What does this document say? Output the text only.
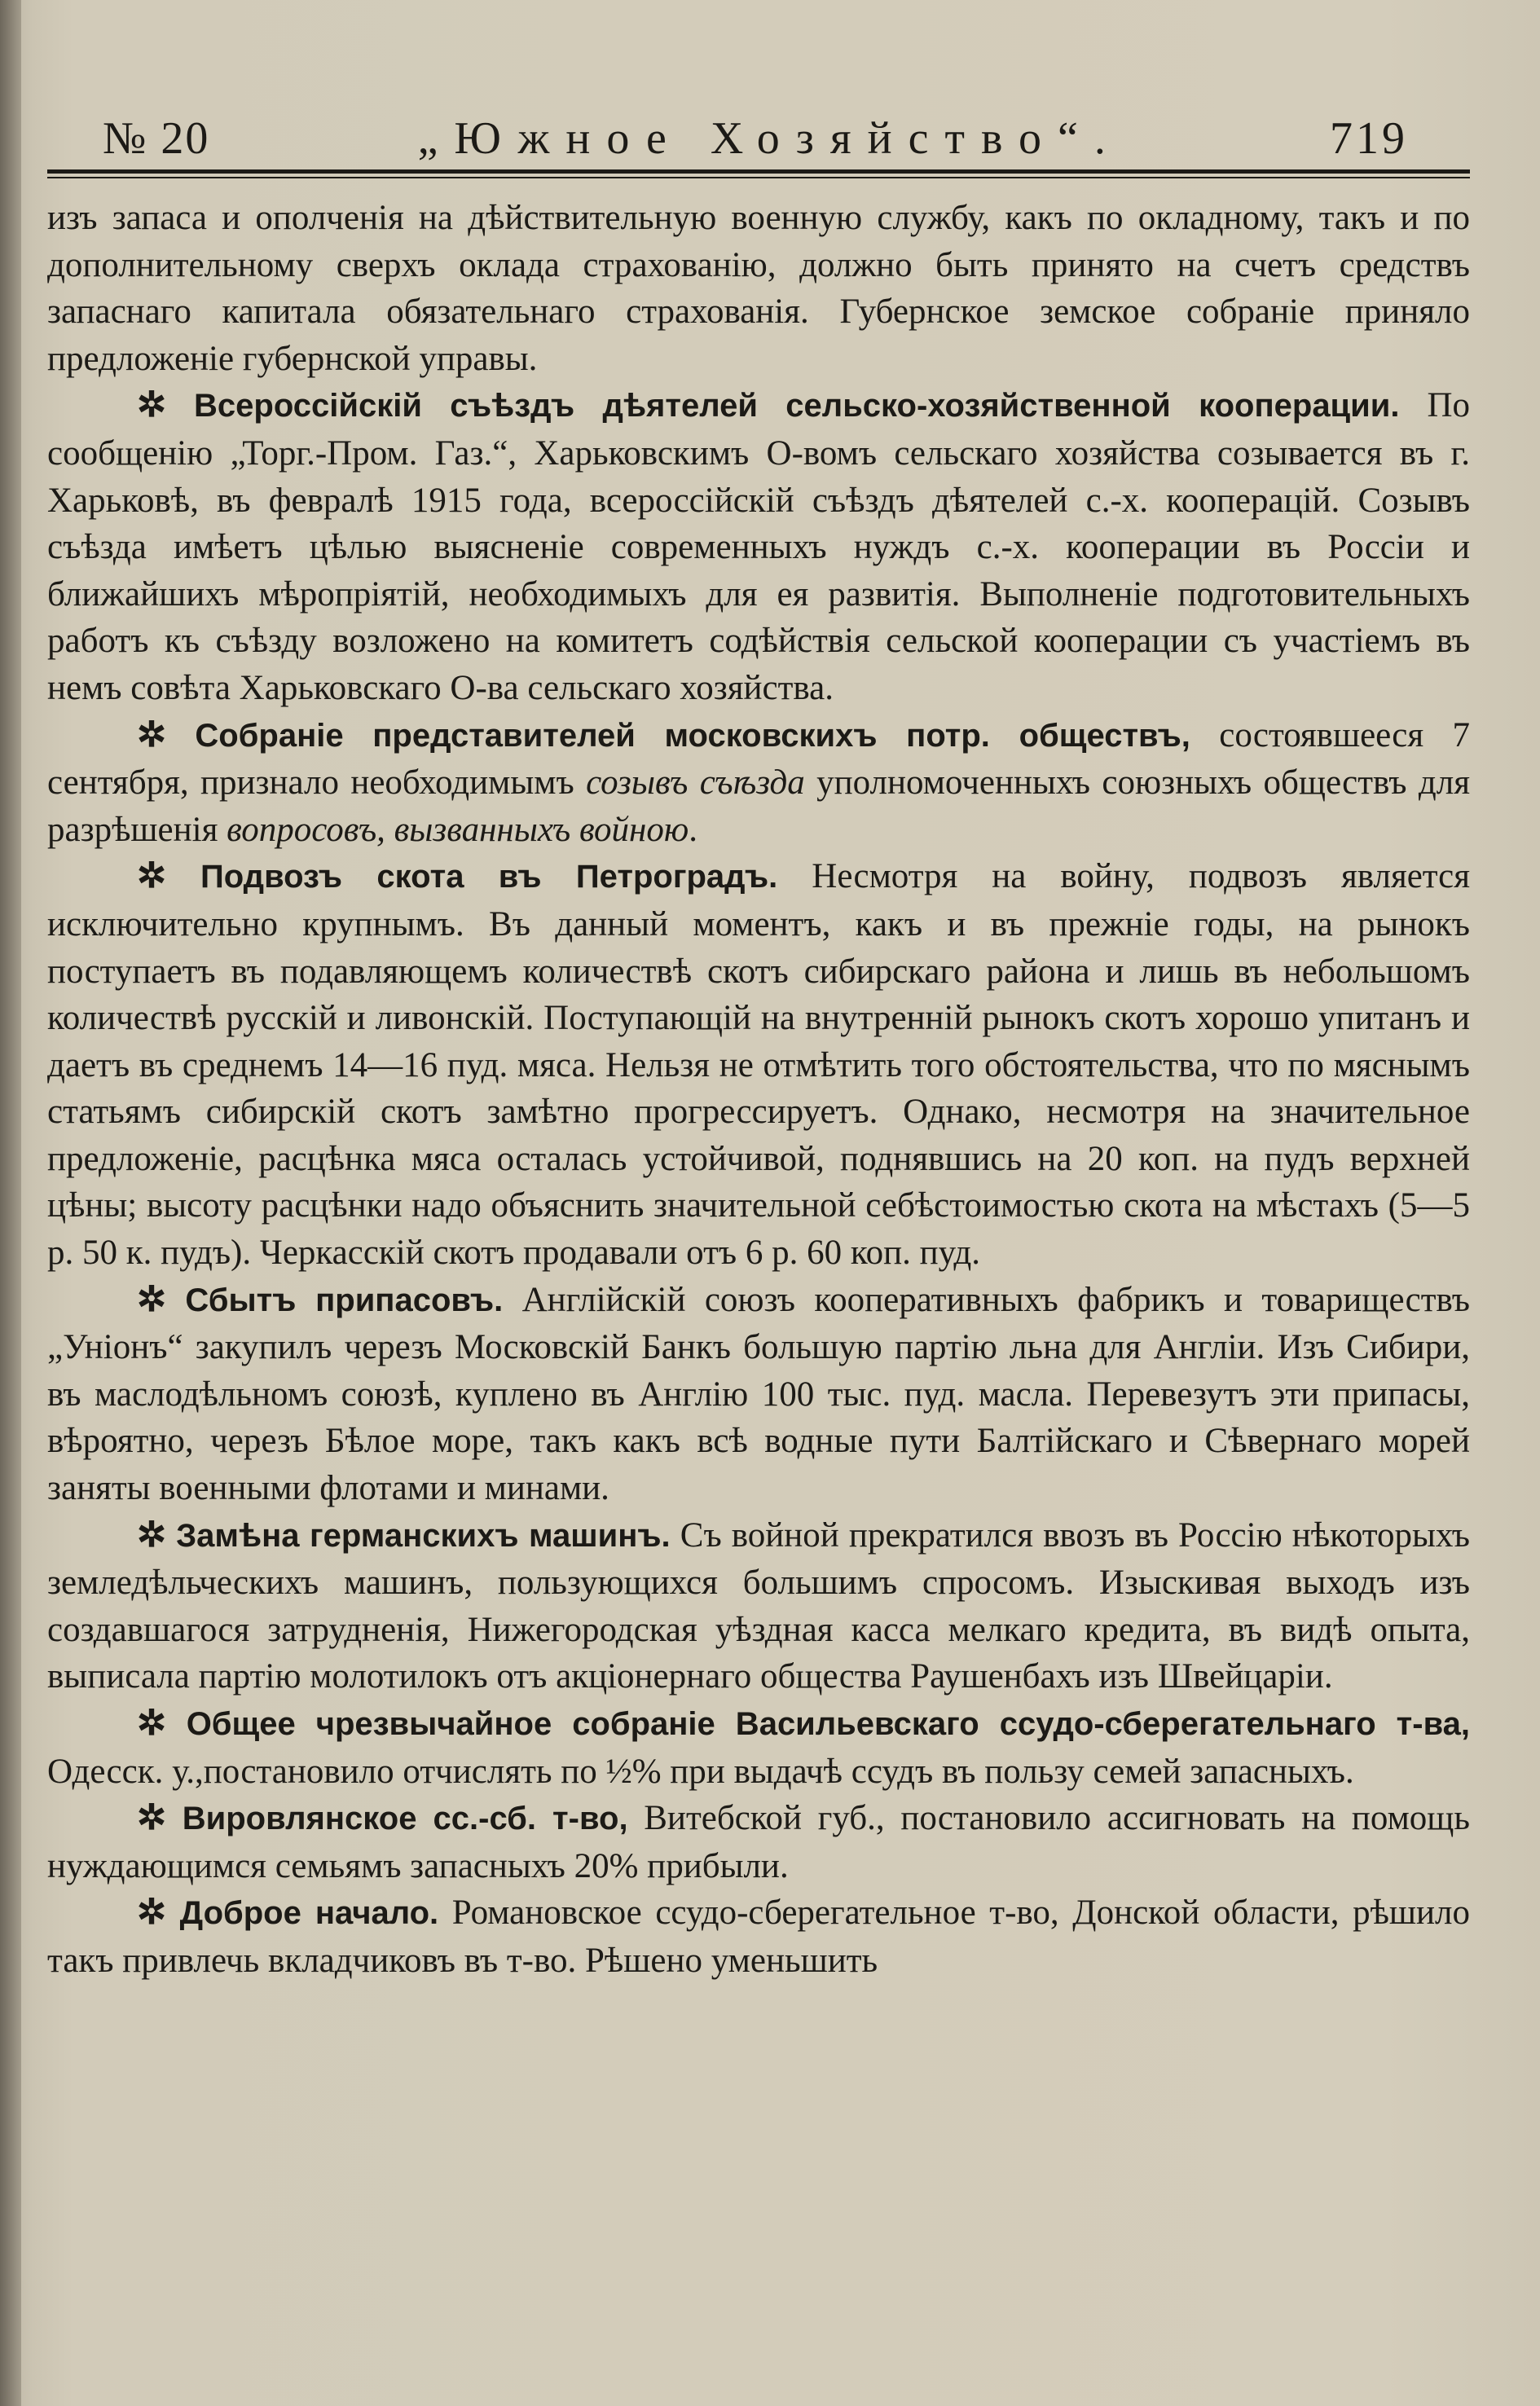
№ 20	„Южное Хозяйство“.	719

изъ запаса и ополченія на дѣйствительную военную службу, какъ по окладному, такъ и по дополнительному сверхъ оклада страхованію, должно быть принято на счетъ средствъ запаснаго капитала обязательнаго страхованія. Губернское земское собраніе приняло предложеніе губернской управы.

✲ Всероссійскій съѣздъ дѣятелей сельско-хозяйственной кооперации. По сообщенію „Торг.-Пром. Газ.“, Харьковскимъ О-вомъ сельскаго хозяйства созывается въ г. Харьковѣ, въ февралѣ 1915 года, всероссійскій съѣздъ дѣятелей с.-х. кооперацій. Созывъ съѣзда имѣетъ цѣлью выясненіе современныхъ нуждъ с.-х. кооперации въ Россіи и ближайшихъ мѣропріятій, необходимыхъ для ея развитія. Выполненіе подготовительныхъ работъ къ съѣзду возложено на комитетъ содѣйствія сельской кооперации съ участіемъ въ немъ совѣта Харьковскаго О-ва сельскаго хозяйства.

✲ Собраніе представителей московскихъ потр. обществъ, состоявшееся 7 сентября, признало необходимымъ созывъ съѣзда уполномоченныхъ союзныхъ обществъ для разрѣшенія вопросовъ, вызванныхъ войною.

✲ Подвозъ скота въ Петроградъ. Несмотря на войну, подвозъ является исключительно крупнымъ. Въ данный моментъ, какъ и въ прежніе годы, на рынокъ поступаетъ въ подавляющемъ количествѣ скотъ сибирскаго района и лишь въ небольшомъ количествѣ русскій и ливонскій. Поступающій на внутренній рынокъ скотъ хорошо упитанъ и даетъ въ среднемъ 14—16 пуд. мяса. Нельзя не отмѣтить того обстоятельства, что по мяснымъ статьямъ сибирскій скотъ замѣтно прогрессируетъ. Однако, несмотря на значительное предложеніе, расцѣнка мяса осталась устойчивой, поднявшись на 20 коп. на пудъ верхней цѣны; высоту расцѣнки надо объяснить значительной себѣстоимостью скота на мѣстахъ (5—5 р. 50 к. пудъ). Черкасскій скотъ продавали отъ 6 р. 60 коп. пуд.

✲ Сбытъ припасовъ. Англійскій союзъ кооперативныхъ фабрикъ и товариществъ „Уніонъ“ закупилъ черезъ Московскій Банкъ большую партію льна для Англіи. Изъ Сибири, въ маслодѣльномъ союзѣ, куплено въ Англію 100 тыс. пуд. масла. Перевезутъ эти припасы, вѣроятно, черезъ Бѣлое море, такъ какъ всѣ водные пути Балтійскаго и Сѣвернаго морей заняты военными флотами и минами.

✲ Замѣна германскихъ машинъ. Съ войной прекратился ввозъ въ Россію нѣкоторыхъ земледѣльческихъ машинъ, пользующихся большимъ спросомъ. Изыскивая выходъ изъ создавшагося затрудненія, Нижегородская уѣздная касса мелкаго кредита, въ видѣ опыта, выписала партію молотилокъ отъ акціонернаго общества Раушенбахъ изъ Швейцаріи.

✲ Общее чрезвычайное собраніе Васильевскаго ссудо-сберегательнаго т-ва, Одесск. у.,постановило отчислять по ½% при выдачѣ ссудъ въ пользу семей запасныхъ.

✲ Вировлянское сс.-сб. т-во, Витебской губ., постановило ассигновать на помощь нуждающимся семьямъ запасныхъ 20% прибыли.

✲ Доброе начало. Романовское ссудо-сберегательное т-во, Донской области, рѣшило такъ привлечь вкладчиковъ въ т-во. Рѣшено уменьшить
